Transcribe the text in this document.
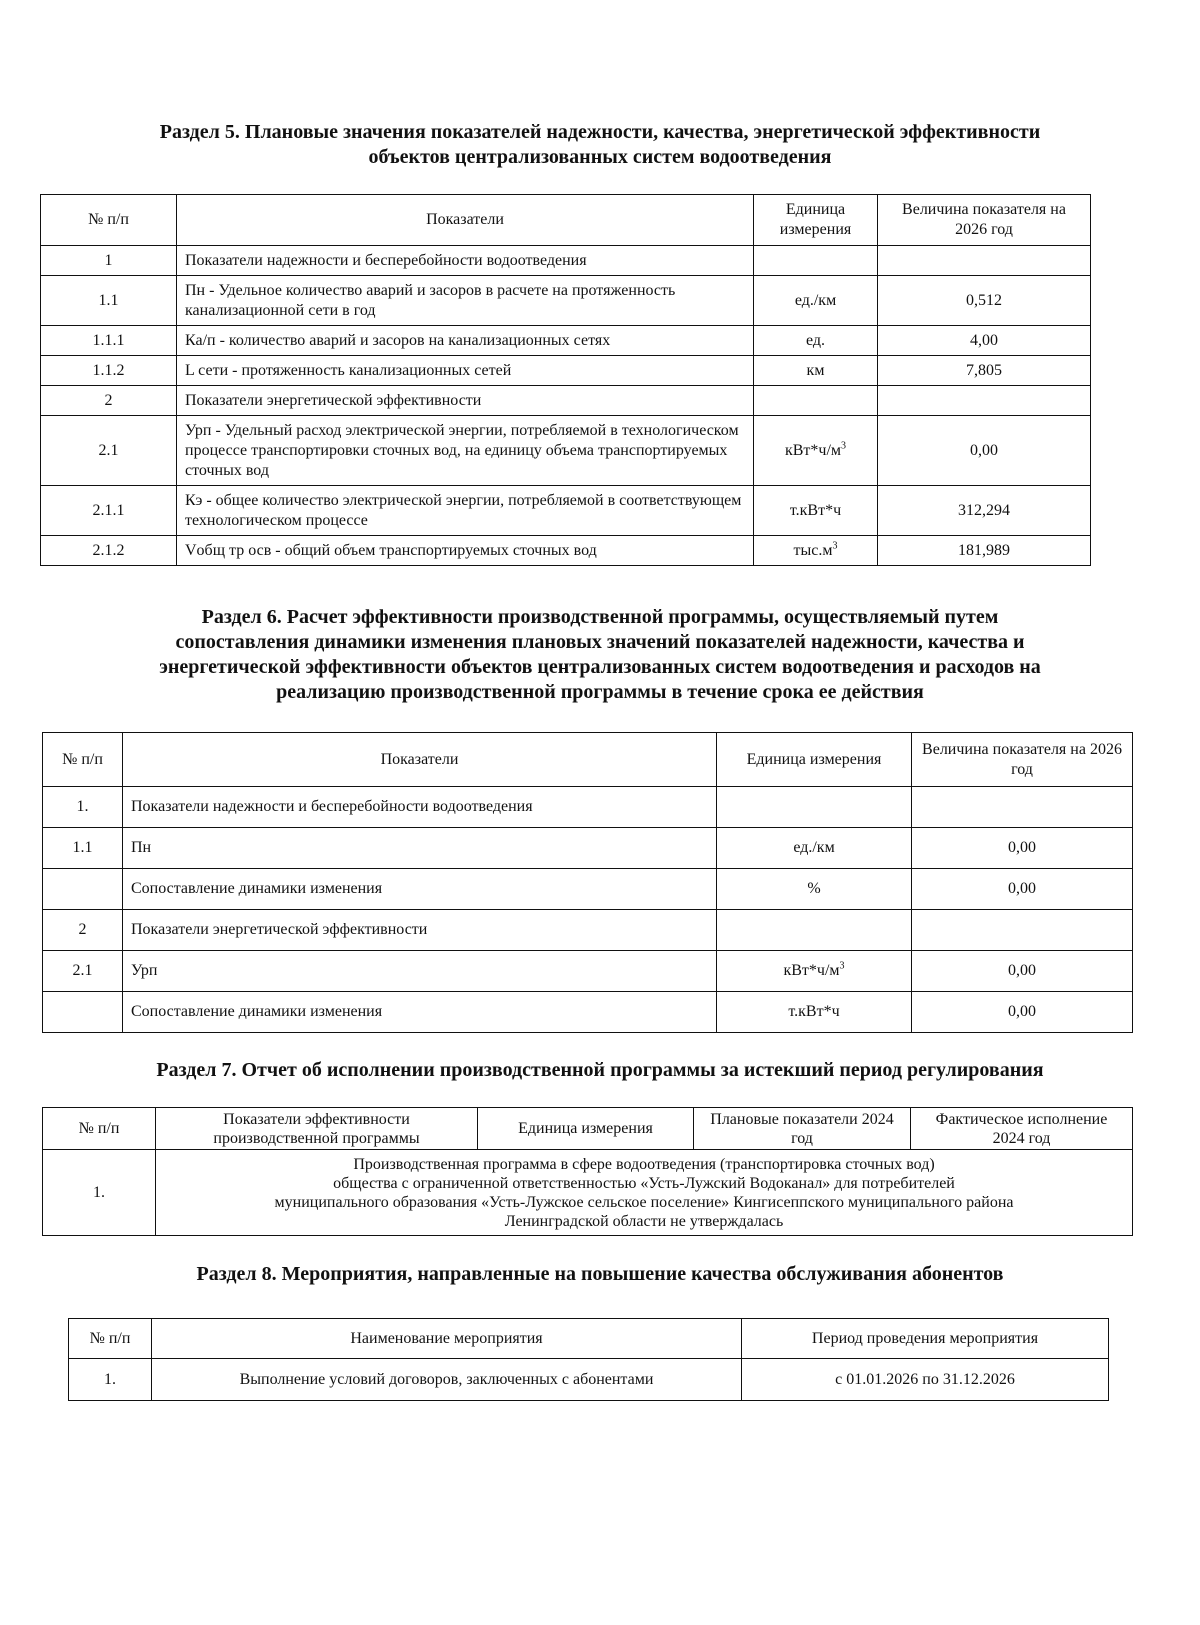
Раздел 5. Плановые значения показателей надежности, качества, энергетической эффективности
объектов централизованных систем водоотведения
№ п/п	Показатели	Единица измерения	Величина показателя на 2026 год
1	Показатели надежности и бесперебойности водоотведения		
1.1	Пн - Удельное количество аварий и засоров в расчете на протяженность канализационной сети в год	ед./км	0,512
1.1.1	Ка/п - количество аварий и засоров на канализационных сетях	ед.	4,00
1.1.2	L сети - протяженность канализационных сетей	км	7,805
2	Показатели энергетической эффективности		
2.1	Урп - Удельный расход электрической энергии, потребляемой в технологическом процессе транспортировки сточных вод, на единицу объема транспортируемых сточных вод	$кВт*ч/м^3$	0,00
2.1.1	Кэ - общее количество электрической энергии, потребляемой в соответствующем технологическом процессе	т.кВт*ч	312,294
2.1.2	Vобщ тр осв - общий объем транспортируемых сточных вод	$тыс.м^3$	181,989
Раздел 6. Расчет эффективности производственной программы, осуществляемый путем
сопоставления динамики изменения плановых значений показателей надежности, качества и
энергетической эффективности объектов централизованных систем водоотведения и расходов на
реализацию производственной программы в течение срока ее действия
№ п/п	Показатели	Единица измерения	Величина показателя на 2026 год
1.	Показатели надежности и бесперебойности водоотведения		
1.1	Пн	ед./км	0,00
	Сопоставление динамики изменения	%	0,00
2	Показатели энергетической эффективности		
2.1	Урп	$кВт*ч/м^3$	0,00
	Сопоставление динамики изменения	т.кВт*ч	0,00
Раздел 7. Отчет об исполнении производственной программы за истекший период регулирования
№ п/п	Показатели эффективности производственной программы	Единица измерения	Плановые показатели 2024 год	Фактическое исполнение 2024 год
1.	Производственная программа в сфере водоотведения (транспортировка сточных вод)
общества с ограниченной ответственностью «Усть-Лужский Водоканал» для потребителей
муниципального образования «Усть-Лужское сельское поселение» Кингисеппского муниципального района
Ленинградской области не утверждалась			
Раздел 8. Мероприятия, направленные на повышение качества обслуживания абонентов
№ п/п	Наименование мероприятия	Период проведения мероприятия
1.	Выполнение условий договоров, заключенных с абонентами	с 01.01.2026 по 31.12.2026
